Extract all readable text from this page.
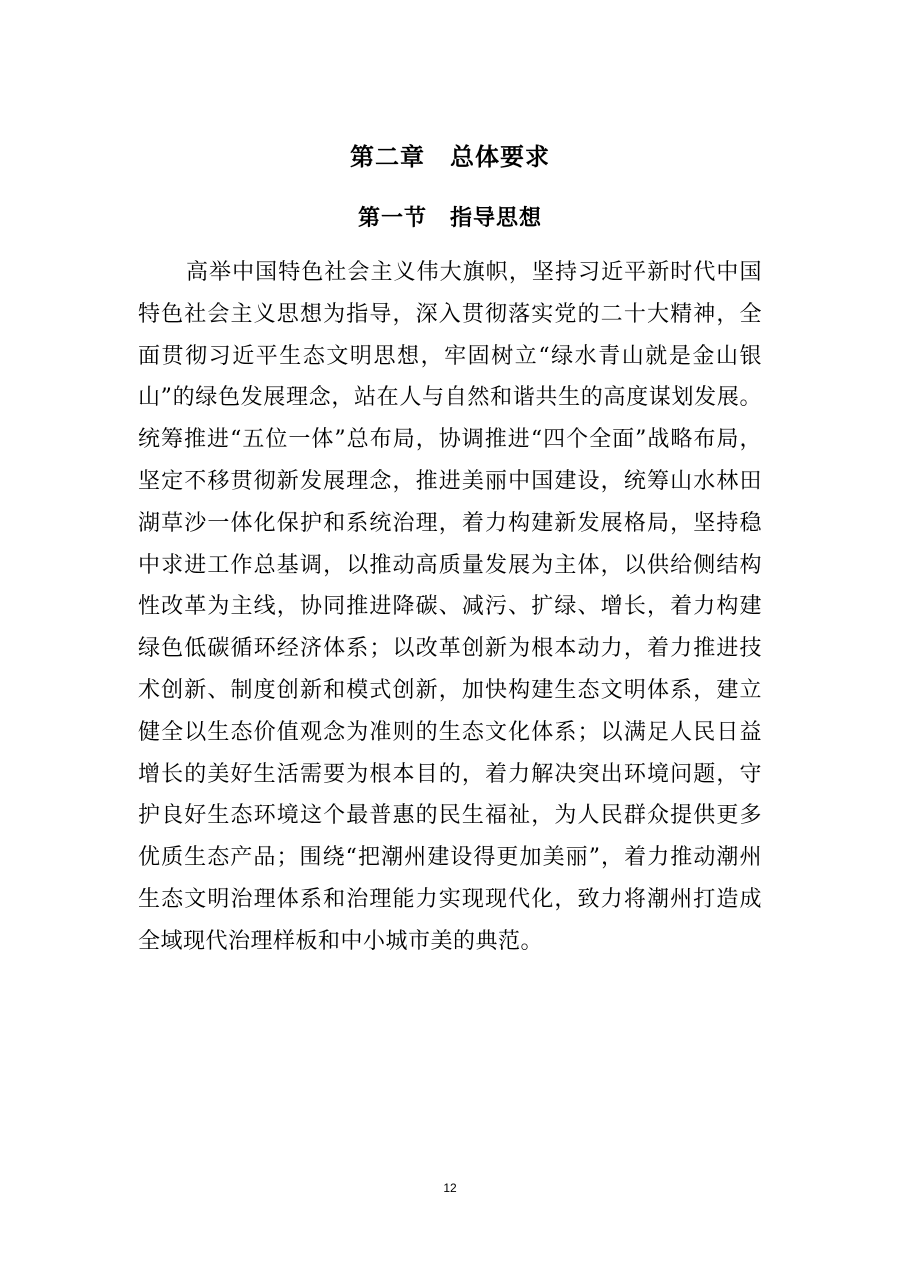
第二章　总体要求
第一节　指导思想

高举中国特色社会主义伟大旗帜，坚持习近平新时代中国特色社会主义思想为指导，深入贯彻落实党的二十大精神，全面贯彻习近平生态文明思想，牢固树立“绿水青山就是金山银山”的绿色发展理念，站在人与自然和谐共生的高度谋划发展。统筹推进“五位一体”总布局，协调推进“四个全面”战略布局，坚定不移贯彻新发展理念，推进美丽中国建设，统筹山水林田湖草沙一体化保护和系统治理，着力构建新发展格局，坚持稳中求进工作总基调，以推动高质量发展为主体，以供给侧结构性改革为主线，协同推进降碳、减污、扩绿、增长，着力构建绿色低碳循环经济体系；以改革创新为根本动力，着力推进技术创新、制度创新和模式创新，加快构建生态文明体系，建立健全以生态价值观念为准则的生态文化体系；以满足人民日益增长的美好生活需要为根本目的，着力解决突出环境问题，守护良好生态环境这个最普惠的民生福祉，为人民群众提供更多优质生态产品；围绕“把潮州建设得更加美丽”，着力推动潮州生态文明治理体系和治理能力实现现代化，致力将潮州打造成全域现代治理样板和中小城市美的典范。

12
